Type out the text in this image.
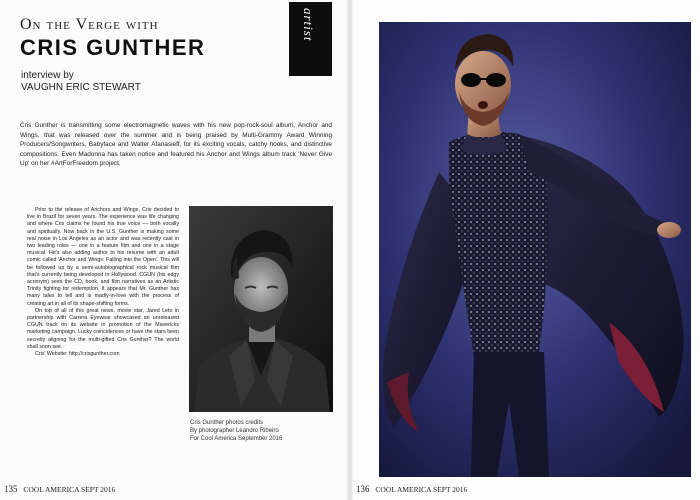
On the Verge with
CRIS GUNTHER
interview by
VAUGHN ERIC STEWART
artist
Cris Gunther is transmitting some electromagnetic waves with his new pop-rock-soul album, Anchor and Wings, that was released over the summer and is being praised by Multi-Grammy Award Winning Producers/Songwriters, Babyface and Walter Afanasieff, for its exciting vocals, catchy hooks, and distinctive compositions. Even Madonna has taken notice and featured his Anchor and Wings album track 'Never Give Up' on her #ArtForFreedom project.

Prior to the release of Anchors and Wings, Cris decided to live in Brazil for seven years. The experience was life changing and where Cris claims he found his true voice — both vocally and spiritually. Now back in the U.S. Gunther is making some real noise in Los Angeles as an actor and was recently cast in two leading roles — one in a feature film and one in a stage musical. He's also adding author to his resume with an adult comic called 'Anchor and Wings: Falling into the Open'. This will be followed up by a semi-autobiographical rock musical film that's currently being developed in Hollywood. CGUN (his edgy acronym) sees the CD, book, and film narratives as an Artistic Trinity fighting for redemption. It appears that Mr. Gunther has many tales to tell and is madly-in-love with the process of creating art in all of its shape-shifting forms.

On top of all of this great news, movie star, Jared Leto in partnership with Carrera Eyewear showcased an unreleased CGUN track on its website in promotion of the Mavericks marketing campaign. Lucky coincidences or have the stars been secretly aligning for the multi-gifted Cris Gunther? The world shall soon see.

Cris' Website: http://crisgunther.com

Cris Gunther photos credits
By photographer Leandro Ribeiro
For Cool America September 2016
135 COOL AMERICA SEPT 2016	136 COOL AMERICA SEPT 2016
